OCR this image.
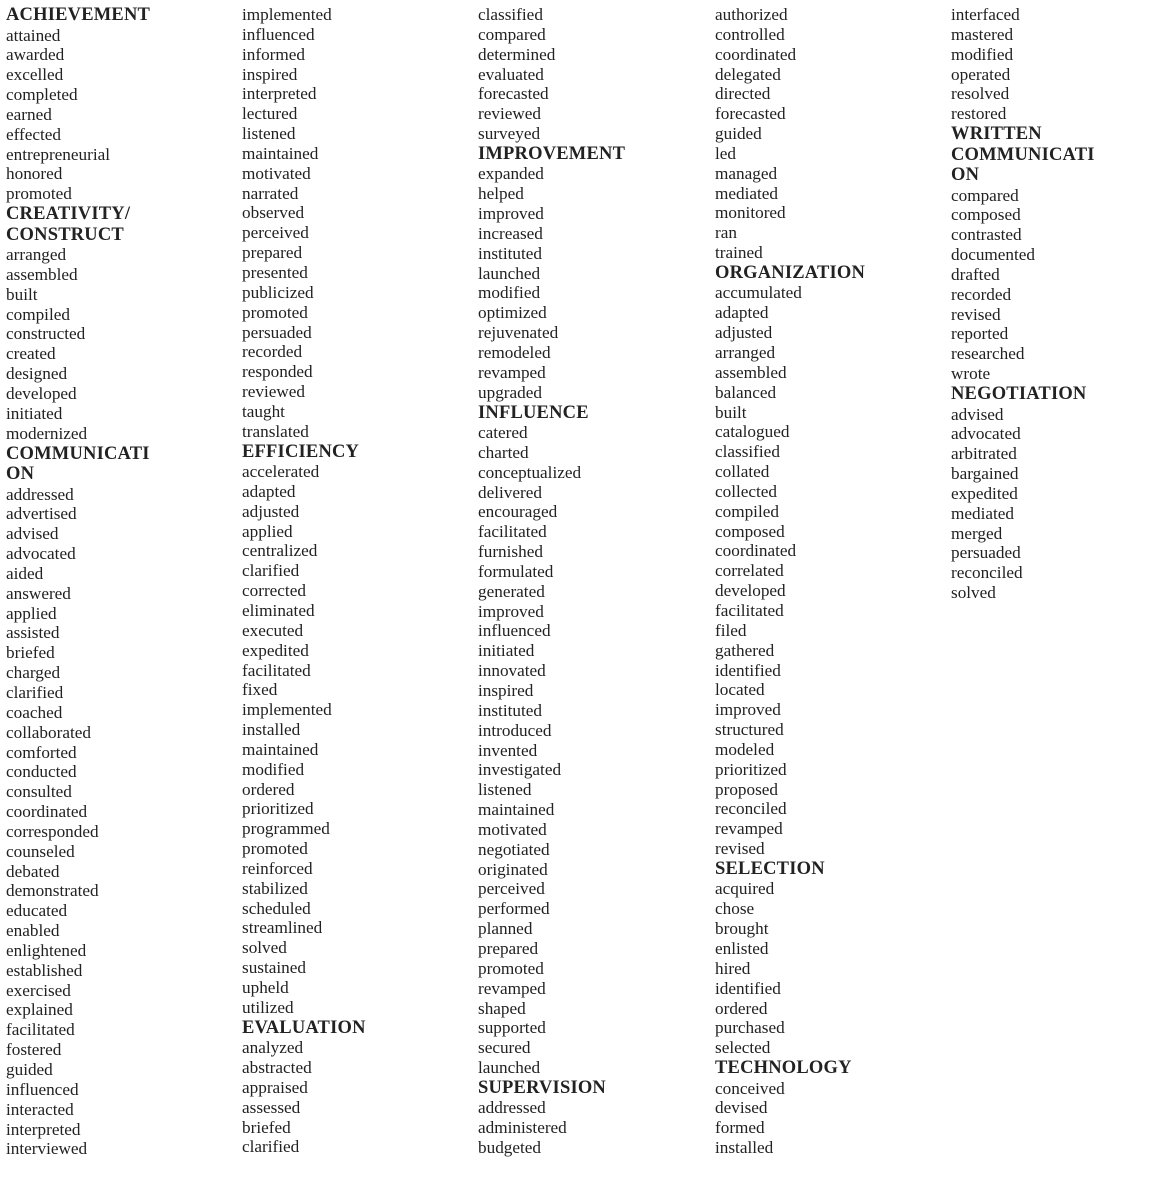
ACHIEVEMENT
attained
awarded
excelled
completed
earned
effected
entrepreneurial
honored
promoted
CREATIVITY/ CONSTRUCT
arranged
assembled
built
compiled
constructed
created
designed
developed
initiated
modernized
COMMUNICATI ON
addressed
advertised
advised
advocated
aided
answered
applied
assisted
briefed
charged
clarified
coached
collaborated
comforted
conducted
consulted
coordinated
corresponded
counseled
debated
demonstrated
educated
enabled
enlightened
established
exercised
explained
facilitated
fostered
guided
influenced
interacted
interpreted
interviewed
implemented
influenced
informed
inspired
interpreted
lectured
listened
maintained
motivated
narrated
observed
perceived
prepared
presented
publicized
promoted
persuaded
recorded
responded
reviewed
taught
translated
EFFICIENCY
accelerated
adapted
adjusted
applied
centralized
clarified
corrected
eliminated
executed
expedited
facilitated
fixed
implemented
installed
maintained
modified
ordered
prioritized
programmed
promoted
reinforced
stabilized
scheduled
streamlined
solved
sustained
upheld
utilized
EVALUATION
analyzed
abstracted
appraised
assessed
briefed
clarified
classified
compared
determined
evaluated
forecasted
reviewed
surveyed
IMPROVEMENT
expanded
helped
improved
increased
instituted
launched
modified
optimized
rejuvenated
remodeled
revamped
upgraded
INFLUENCE
catered
charted
conceptualized
delivered
encouraged
facilitated
furnished
formulated
generated
improved
influenced
initiated
innovated
inspired
instituted
introduced
invented
investigated
listened
maintained
motivated
negotiated
originated
perceived
performed
planned
prepared
promoted
revamped
shaped
supported
secured
launched
SUPERVISION
addressed
administered
budgeted
authorized
controlled
coordinated
delegated
directed
forecasted
guided
led
managed
mediated
monitored
ran
trained
ORGANIZATION
accumulated
adapted
adjusted
arranged
assembled
balanced
built
catalogued
classified
collated
collected
compiled
composed
coordinated
correlated
developed
facilitated
filed
gathered
identified
located
improved
structured
modeled
prioritized
proposed
reconciled
revamped
revised
SELECTION
acquired
chose
brought
enlisted
hired
identified
ordered
purchased
selected
TECHNOLOGY
conceived
devised
formed
installed
interfaced
mastered
modified
operated
resolved
restored
WRITTEN COMMUNICATI ON
compared
composed
contrasted
documented
drafted
recorded
revised
reported
researched
wrote
NEGOTIATION
advised
advocated
arbitrated
bargained
expedited
mediated
merged
persuaded
reconciled
solved
